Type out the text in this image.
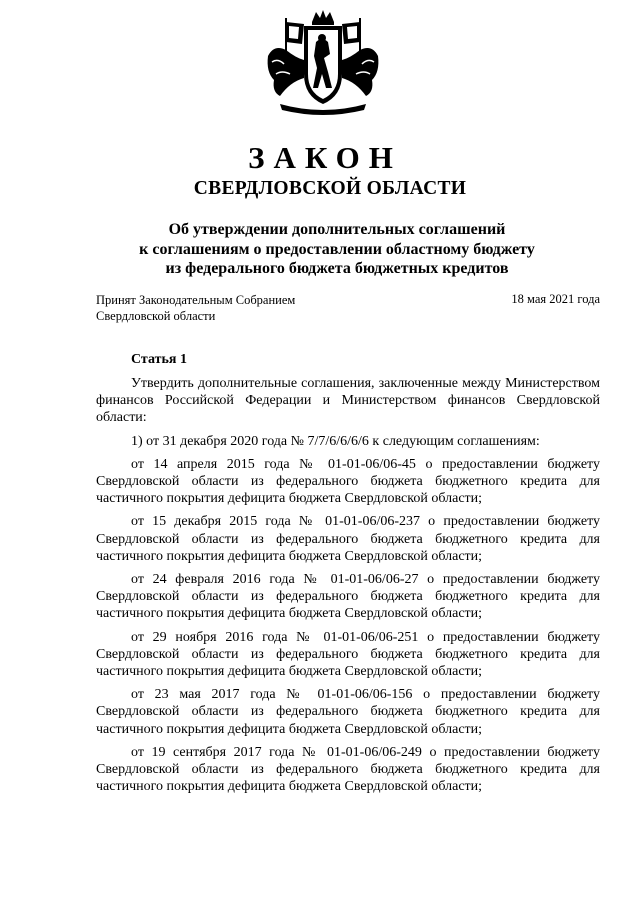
ЗАКОН
СВЕРДЛОВСКОЙ ОБЛАСТИ
Об утверждении дополнительных соглашений
к соглашениям о предоставлении областному бюджету
из федерального бюджета бюджетных кредитов
Принят Законодательным Собранием
Свердловской области
18 мая 2021 года
Статья 1

Утвердить дополнительные соглашения, заключенные между Министерством финансов Российской Федерации и Министерством финансов Свердловской области:

1) от 31 декабря 2020 года № 7/7/6/6/6/6 к следующим соглашениям:

от 14 апреля 2015 года № 01-01-06/06-45 о предоставлении бюджету Свердловской области из федерального бюджета бюджетного кредита для частичного покрытия дефицита бюджета Свердловской области;

от 15 декабря 2015 года № 01-01-06/06-237 о предоставлении бюджету Свердловской области из федерального бюджета бюджетного кредита для частичного покрытия дефицита бюджета Свердловской области;

от 24 февраля 2016 года № 01-01-06/06-27 о предоставлении бюджету Свердловской области из федерального бюджета бюджетного кредита для частичного покрытия дефицита бюджета Свердловской области;

от 29 ноября 2016 года № 01-01-06/06-251 о предоставлении бюджету Свердловской области из федерального бюджета бюджетного кредита для частичного покрытия дефицита бюджета Свердловской области;

от 23 мая 2017 года № 01-01-06/06-156 о предоставлении бюджету Свердловской области из федерального бюджета бюджетного кредита для частичного покрытия дефицита бюджета Свердловской области;

от 19 сентября 2017 года № 01-01-06/06-249 о предоставлении бюджету Свердловской области из федерального бюджета бюджетного кредита для частичного покрытия дефицита бюджета Свердловской области;
